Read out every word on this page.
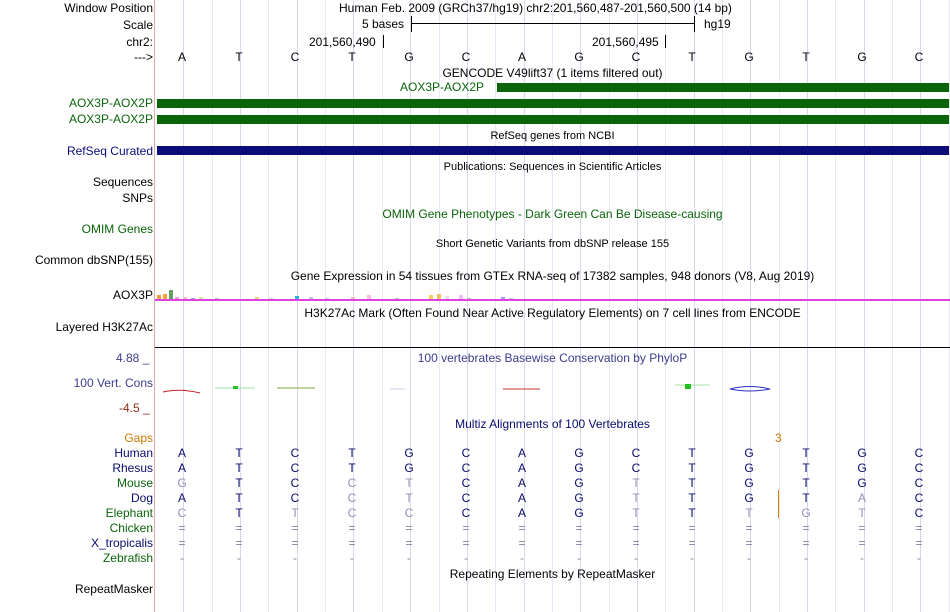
Window Position	Human Feb. 2009 (GRCh37/hg19) chr2:201,560,487-201,560,500 (14 bp)
Scale	5 bases	hg19
chr2:	201,560,490	201,560,495
--->	A	T	C	T	G	C	A	G	C	T	G	T	G	C
GENCODE V49lift37 (1 items filtered out)
AOX3P-AOX2P
AOX3P-AOX2P
AOX3P-AOX2P
RefSeq genes from NCBI
RefSeq Curated
Publications: Sequences in Scientific Articles
Sequences
SNPs
OMIM Gene Phenotypes - Dark Green Can Be Disease-causing
OMIM Genes
Short Genetic Variants from dbSNP release 155
Common dbSNP(155)
Gene Expression in 54 tissues from GTEx RNA-seq of 17382 samples, 948 donors (V8, Aug 2019)
AOX3P
H3K27Ac Mark (Often Found Near Active Regulatory Elements) on 7 cell lines from ENCODE
Layered H3K27Ac
4.88 _	100 vertebrates Basewise Conservation by PhyloP
100 Vert. Cons
-4.5 _
Multiz Alignments of 100 Vertebrates
Gaps	3
Human	A	T	C	T	G	C	A	G	C	T	G	T	G	C
Rhesus	A	T	C	T	G	C	A	G	C	T	G	T	G	C
Mouse	G	T	C	C	T	C	A	G	T	T	G	T	G	C
Dog	A	T	C	C	T	C	A	G	T	T	G	T	A	C
Elephant	C	T	T	C	C	C	A	G	T	T	T	G	T	C
Chicken	=	=	=	=	=	=	=	=	=	=	=	=	=	=
X_tropicalis	=	=	=	=	=	=	=	=	=	=	=	=	=	=
Zebrafish	-	-	-	-	-	-	-	-	-	-	-	-	-	-
Repeating Elements by RepeatMasker
RepeatMasker
